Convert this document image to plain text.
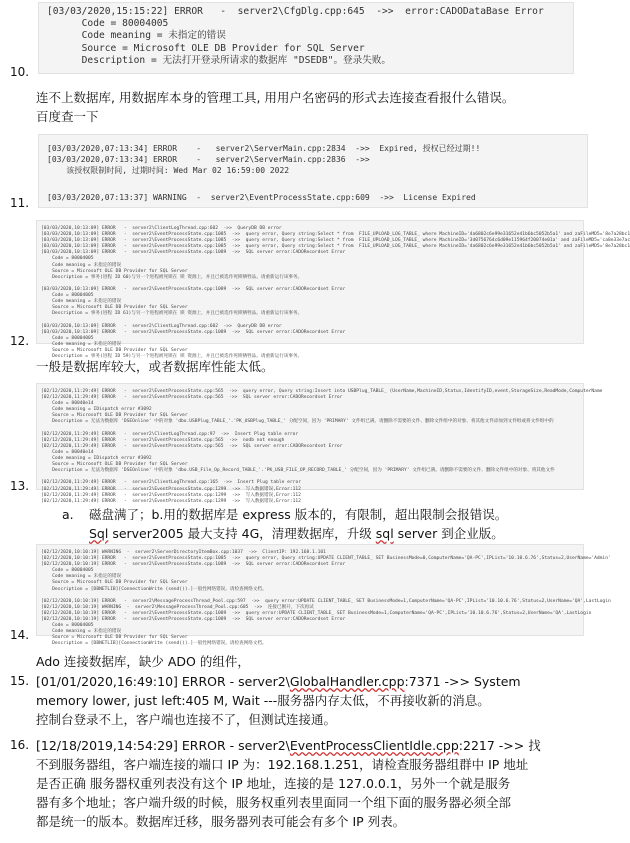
[03/03/2020,15:15:22] ERROR   -  server2\CfgDlg.cpp:645  ->>  error:CADODataBase Error
Code = 80004005
Code meaning = 未指定的错误
Source = Microsoft OLE DB Provider for SQL Server
Description = 无法打开登录所请求的数据库 "DSEDB"。登录失败。
10.
连不上数据库, 用数据库本身的管理工具, 用用户名密码的形式去连接查看报什么错误。
百度查一下
[03/03/2020,07:13:34] ERROR    -   server2\ServerMain.cpp:2834  ->>  Expired, 授权已经过期!!
[03/03/2020,07:13:34] ERROR    -   server2\ServerMain.cpp:2836  ->>
该授权限制时间, 过期时间: Wed Mar 02 16:59:00 2022
[03/03/2020,07:13:37] WARNING  -  server2\EventProcessState.cpp:609  ->>  License Expired
11.
[03/03/2020,10:13:09] ERROR   -  server2\ClientLogThread.cpp:602  ->>  QueryDB DB error
[03/03/2020,10:13:09] ERROR   -  server2\EventProcessState.cpp:1085  ->>  query error, Query string:Select * from  FILE_UPLOAD_LOG_TABLE_ where MachineID='4a6802c6e99e31652e41b6bc5052b5a1' and zaFileMD5='8e7a28bc1
[03/03/2020,10:13:09] ERROR   -  server2\EventProcessState.cpp:1085  ->>  query error, Query string:Select * from  FILE_UPLOAD_LOG_TABLE_ where MachineID='3d0756764c6d09e115964f20074e01a' and zaFileMD5='ca8e33e7ac
[03/03/2020,10:13:09] ERROR   -  server2\EventProcessState.cpp:1085  ->>  query error, Query string:Select * from  FILE_UPLOAD_LOG_TABLE_ where MachineID='4a6802c6e99e31652e41b6bc5052b5a1' and zaFileMD5='8e7a28bc1
[03/03/2020,10:13:09] ERROR   -  server2\EventProcessState.cpp:1089  ->>  SQL server error:CADORecordset Error
Code = 80004005
Code meaning = 未指定的错误
Source = Microsoft OLE DB Provider for SQL Server
Description = 事务(进程 ID 60)与另一个进程被死锁在 锁 资源上，并且已被选作死锁牺牲品。请重新运行该事务。

[03/03/2020,10:13:09] ERROR   -  server2\EventProcessState.cpp:1089  ->>  SQL server error:CADORecordset Error
Code = 80004005
Code meaning = 未指定的错误
Source = Microsoft OLE DB Provider for SQL Server
Description = 事务(进程 ID 61)与另一个进程被死锁在 锁 资源上，并且已被选作死锁牺牲品。请重新运行该事务。

[03/03/2020,10:13:09] ERROR   -  server2\ClientLogThread.cpp:602  ->>  QueryDB DB error
[03/03/2020,10:13:09] ERROR   -  server2\EventProcessState.cpp:1089  ->>  SQL server error:CADORecordset Error
Code = 80004005
Code meaning = 未指定的错误
Source = Microsoft OLE DB Provider for SQL Server
Description = 事务(进程 ID 59)与另一个进程被死锁在 锁 资源上，并且已被选作死锁牺牲品。请重新运行该事务。
12.
一般是数据库较大，或者数据库性能太低。
[02/12/2020,11:29:49] ERROR   -  server2\EventProcessState.cpp:565  ->>  query error, Query string:Insert into USBPlug_TABLE_ (UserName,MachineID,Status,IdentifyID,event,StorageSize,ReadMode,ComputerName
[02/12/2020,11:29:49] ERROR   -  server2\EventProcessState.cpp:565  ->>  SQL server error:CADORecordset Error
Code = 80040e14
Code meaning = IDispatch error #3092
Source = Microsoft OLE DB Provider for SQL Server
Description = 无法为数据库 'DSEOnline' 中的对象 'dbo.USBPlug_TABLE_'.'PK_USBPlug_TABLE_' 分配空间，因为 'PRIMARY' 文件组已满。请删除不需要的文件、删除文件组中的对象、将其他文件添加到文件组或将文件组中的

[02/12/2020,11:29:49] ERROR   -  server2\ClientLogThread.cpp:97  ->>  Insert Plug table error
[02/12/2020,11:29:49] ERROR   -  server2\EventProcessState.cpp:565  ->>  nodb not enough
[02/12/2020,11:29:49] ERROR   -  server2\EventProcessState.cpp:565  ->>  SQL server error:CADORecordset Error
Code = 80040e14
Code meaning = IDispatch error #3092
Source = Microsoft OLE DB Provider for SQL Server
Description = 无法为数据库 'DSEOnline' 中的对象 'dbo.USB_File_Op_Record_TABLE_'.'PK_USB_FILE_OP_RECORD_TABLE_' 分配空间，因为 'PRIMARY' 文件组已满。请删除不需要的文件、删除文件组中的对象、将其他文件

[02/12/2020,11:29:49] ERROR   -  server2\ClientLogThread.cpp:165  ->>  Insert Plug table error
[02/12/2020,11:29:49] ERROR   -  server2\EventProcessState.cpp:1299  ->>  写入数据错误,Error:112
[02/12/2020,11:29:49] ERROR   -  server2\EventProcessState.cpp:1299  ->>  写入数据错误,Error:112
[02/12/2020,11:29:49] ERROR   -  server2\EventProcessState.cpp:1299  ->>  写入数据错误,Error:112
13.
a. 磁盘满了；b.用的数据库是 express 版本的，有限制，超出限制会报错误。
Sql server2005 最大支持 4G，清理数据库，升级 sql server 到企业版。
[02/12/2020,10:10:19] WARNING  -  server2\ServerDirectoryItemBox.cpp:1037  ->>  ClientIP: 192.168.1.101
[02/12/2020,10:10:19] ERROR   -  server2\EventProcessState.cpp:1085  ->>  query error, Query string:UPDATE CLIENT_TABLE_ SET BusinessMode=0,ComputerName='QA-PC',IPList='10.10.6.76',Status=2,UserName='Admin'
[02/12/2020,10:10:19] ERROR   -  server2\EventProcessState.cpp:1089  ->>  SQL server error:CADORecordset Error
Code = 80004005
Code meaning = 未指定的错误
Source = Microsoft OLE DB Provider for SQL Server
Description = [DBNETLIB][ConnectionWrite (send()).]一般性网络错误。请检查网络文档。

[02/12/2020,10:10:19] ERROR   -  server2\MessageProcessThread_Pool.cpp:597  ->>  query error:UPDATE CLIENT_TABLE_ SET BusinessMode=1,ComputerName='QA-PC',IPList='10.10.6.76',Status=2,UserName='QA',LastLogin
[02/12/2020,10:10:19] WARNING  -  server2\MessageProcessThread_Pool.cpp:605  ->>  连接已断开，下次再试
[02/12/2020,10:10:19] ERROR   -  server2\EventProcessState.cpp:1089  ->>  query error:UPDATE CLIENT_TABLE_ SET BusinessMode=1,ComputerName='QA-PC',IPList='10.10.6.76',Status=2,UserName='QA',LastLogin
[02/12/2020,10:10:19] ERROR   -  server2\EventProcessState.cpp:1089  ->>  SQL server error:CADORecordset Error
Code = 80004005
Code meaning = 未指定的错误
Source = Microsoft OLE DB Provider for SQL Server
Description = [DBNETLIB][ConnectionWrite (send()).]一般性网络错误。请检查网络文档。
14.
Ado 连接数据库，缺少 ADO 的组件，
15. [01/01/2020,16:49:10] ERROR - server2\GlobalHandler.cpp:7371 ->> System
memory lower, just left:405 M, Wait ---服务器内存太低，不再接收新的消息。
控制台登录不上，客户端也连接不了，但测试连接通。
16. [12/18/2019,14:54:29] ERROR - server2\EventProcessClientIdle.cpp:2217 ->> 找
不到服务器组，客户端连接的端口 IP 为：192.168.1.251，请检查服务器组群中 IP 地址
是否正确 服务器权重列表没有这个 IP 地址，连接的是 127.0.0.1，另外一个就是服务
器有多个地址；客户端升级的时候，服务权重列表里面同一个组下面的服务器必须全部
都是统一的版本。数据库迁移，服务器列表可能会有多个 IP 列表。
